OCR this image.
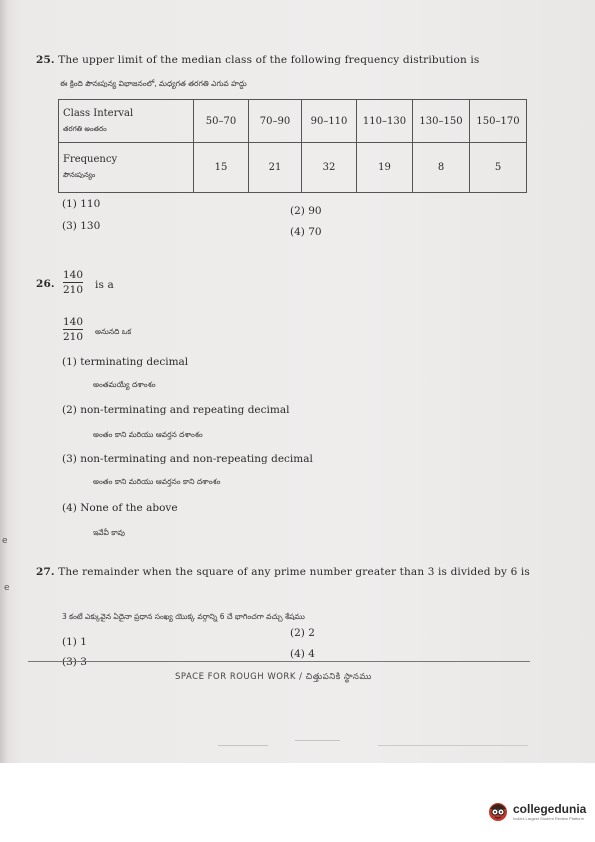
e
e
25. The upper limit of the median class of the following frequency distribution is
ఈ క్రింది పౌనఃపున్య విభాజనంలో, మధ్యగత తరగతి ఎగువ హద్దు
Class Interval
తరగతి అంతరం	50–70	70–90	90–110	110–130	130–150	150–170
Frequency
పౌనఃపున్యం	15	21	32	19	8	5
(1) 110
(2) 90
(3) 130	(4) 70
26.
140
210 is a
140
210 అనునది ఒక
(1) terminating decimal
అంతమయ్యే దశాంశం
(2) non-terminating and repeating decimal
అంతం కాని మరియు ఆవర్తన దశాంశం
(3) non-terminating and non-repeating decimal
అంతం కాని మరియు ఆవర్తనం కాని దశాంశం
(4) None of the above
ఇవేవీ కావు
27. The remainder when the square of any prime number greater than 3 is divided by 6 is
3 కంటే ఎక్కువైన ఏదైనా ప్రధాన సంఖ్య యొక్క వర్గాన్ని 6 చే భాగించగా వచ్చు శేషము
(1) 1
(2) 2
(3) 3
(4) 4
SPACE FOR ROUGH WORK / చిత్తుపనికి స్థానము
collegedunia
India's Largest Student Review Platform
